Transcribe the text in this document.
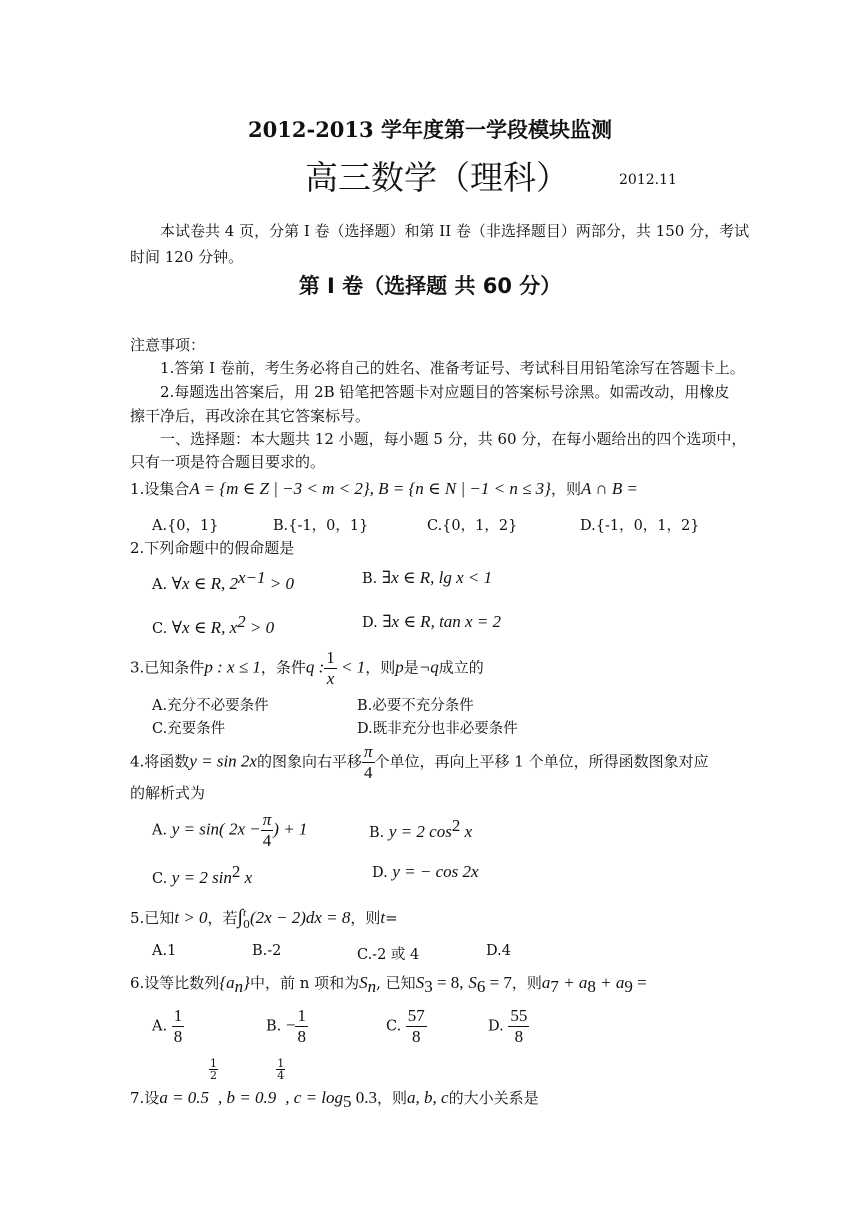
2012-2013 学年度第一学段模块监测
高三数学（理科）	2012.11
本试卷共 4 页，分第 I 卷（选择题）和第 II 卷（非选择题目）两部分，共 150 分，考试
时间 120 分钟。
第 I 卷（选择题 共 60 分）
注意事项：
1.答第 I 卷前，考生务必将自己的姓名、准备考证号、考试科目用铅笔涂写在答题卡上。
2.每题选出答案后，用 2B 铅笔把答题卡对应题目的答案标号涂黑。如需改动，用橡皮
擦干净后，再改涂在其它答案标号。
一、选择题：本大题共 12 小题，每小题 5 分，共 60 分，在每小题给出的四个选项中，
只有一项是符合题目要求的。
1.设集合A = {m ∈ Z | −3 < m < 2}, B = {n ∈ N | −1 < n ≤ 3}，则A ∩ B =
A.{0，1}	B.{-1，0，1}	C.{0，1，2}	D.{-1，0，1，2}
2.下列命题中的假命题是
A. ∀x ∈ R, $2^{x-1} > 0$	B. ∃x ∈ R, lg x < 1
C. ∀x ∈ R, $x^2 > 0$	D. ∃x ∈ R, tan x = 2
3.已知条件p : x ≤ 1，条件q : $\frac{1}{x} < 1$，则p是¬q成立的
A.充分不必要条件	B.必要不充分条件
C.充要条件	D.既非充分也非必要条件
4.将函数y = sin 2x的图象向右平移 $\frac{\pi}{4}$ 个单位，再向上平移 1 个单位，所得函数图象对应
的解析式为
A. y = sin( $2x - \frac{\pi}{4}$ ) + 1	B. y = 2 $\cos^2 x$
C. y = 2 $\sin^2 x$	D. y = − cos 2x
5.已知t > 0，若∫ t
0 (2x − 2)dx = 8，则t=
A.1	B.-2	C.-2 或 4	D.4
6.设等比数列$\{a_n\}$中，前 n 项和为$S_n$, 已知$S_3 = 8$, $S_6 = 7$，则$a_7 + a_8 + a_9$ =
A. $\frac{1}{8}$	B. − $\frac{1}{8}$	C. $\frac{57}{8}$	D. $\frac{55}{8}$
7.设a = 0.5
$\frac{1}{2}$
, b = 0.9
$\frac{1}{4}$
, $c = \log_5 0.3$，则a, b, c的大小关系是
